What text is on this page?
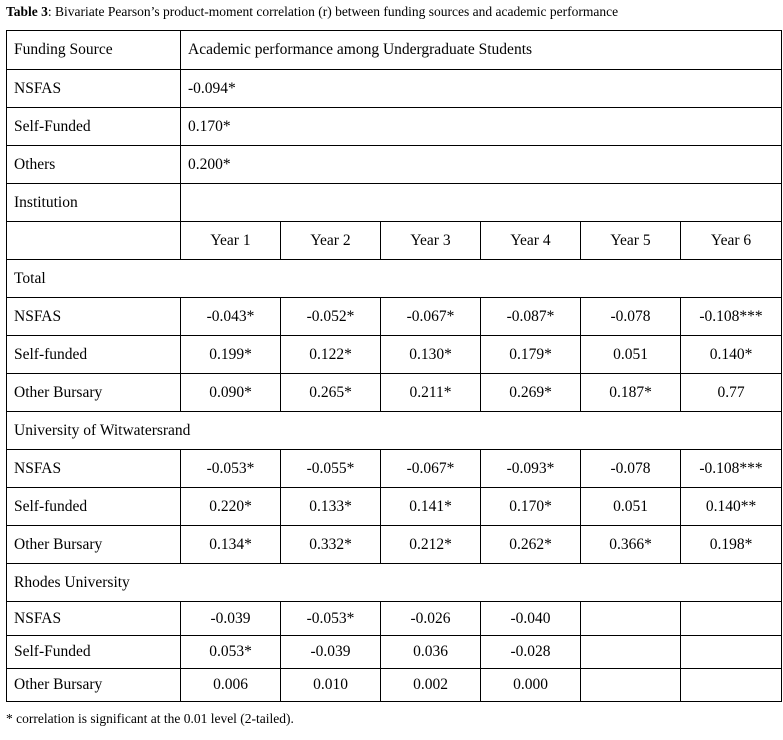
Table 3: Bivariate Pearson’s product-moment correlation (r) between funding sources and academic performance
Funding Source	Academic performance among Undergraduate Students					
NSFAS	-0.094*					
Self-Funded	0.170*					
Others	0.200*					
Institution						
	Year 1	Year 2	Year 3	Year 4	Year 5	Year 6
Total						
NSFAS	-0.043*	-0.052*	-0.067*	-0.087*	-0.078	-0.108***
Self-funded	0.199*	0.122*	0.130*	0.179*	0.051	0.140*
Other Bursary	0.090*	0.265*	0.211*	0.269*	0.187*	0.77
University of Witwatersrand						
NSFAS	-0.053*	-0.055*	-0.067*	-0.093*	-0.078	-0.108***
Self-funded	0.220*	0.133*	0.141*	0.170*	0.051	0.140**
Other Bursary	0.134*	0.332*	0.212*	0.262*	0.366*	0.198*
Rhodes University						
NSFAS	-0.039	-0.053*	-0.026	-0.040		
Self-Funded	0.053*	-0.039	0.036	-0.028		
Other Bursary	0.006	0.010	0.002	0.000		
* correlation is significant at the 0.01 level (2-tailed).
